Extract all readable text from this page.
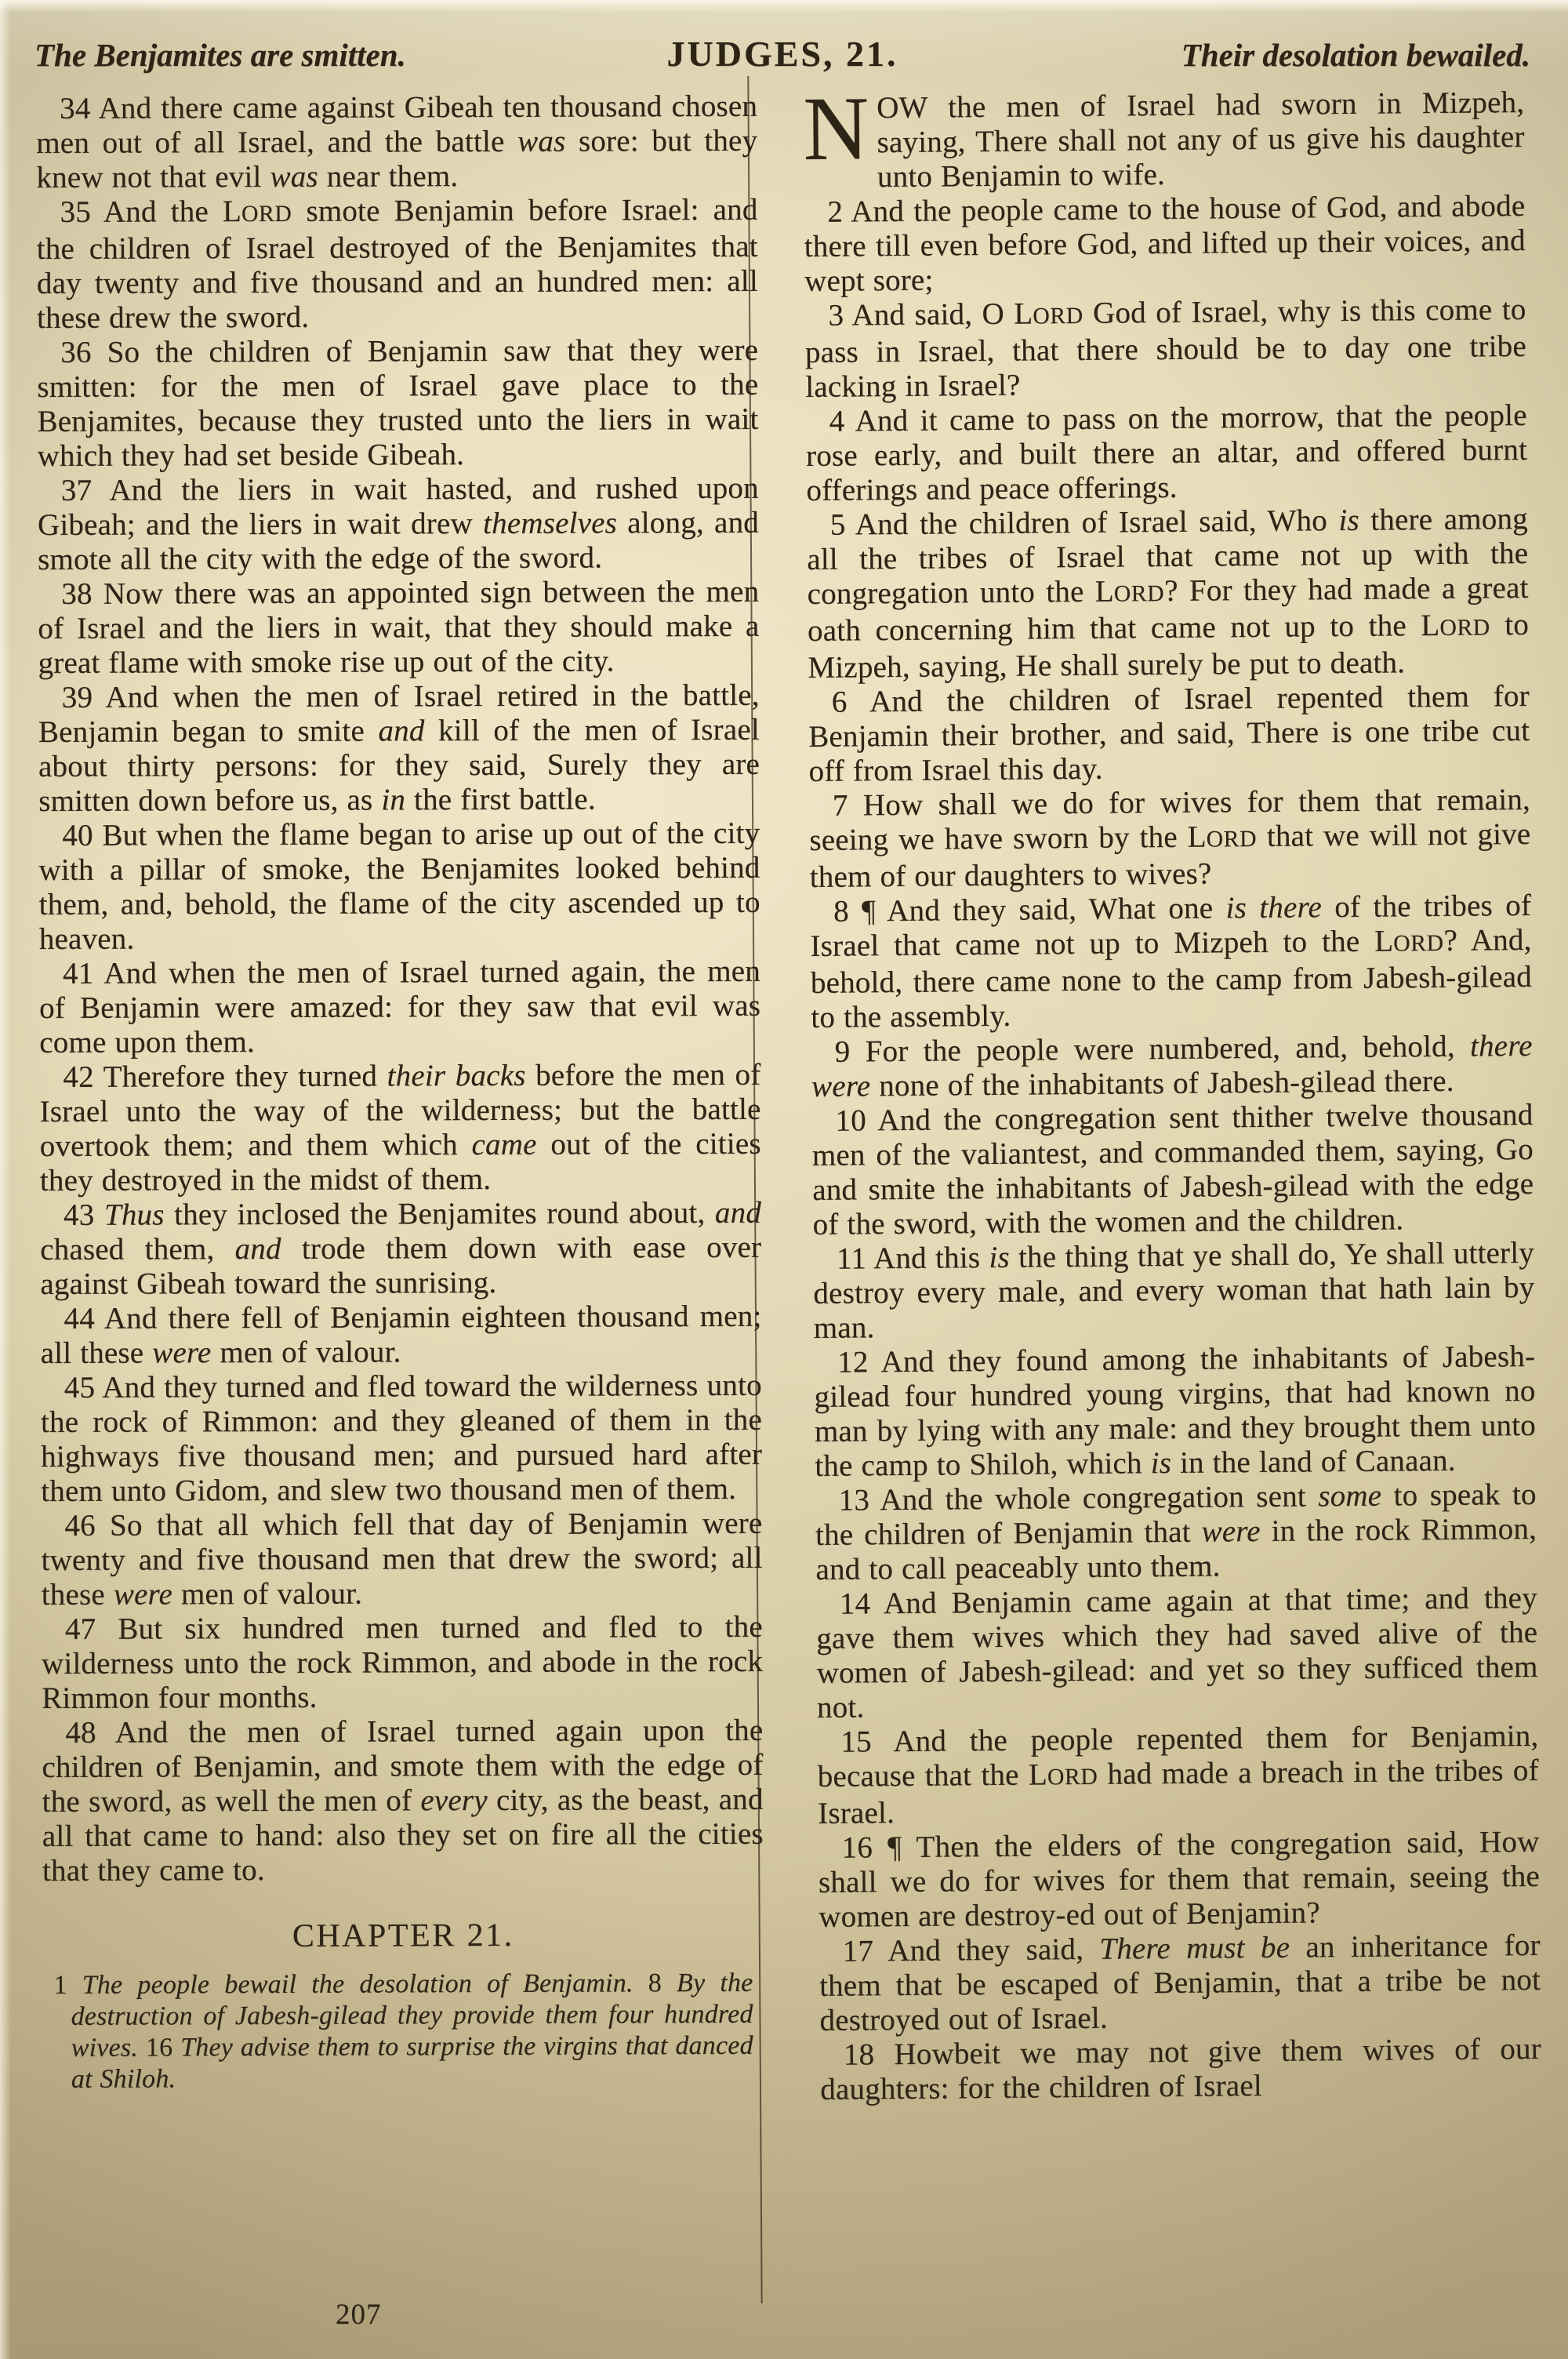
The Benjamites are smitten.	JUDGES, 21.	Their desolation bewailed.

34 And there came against Gibeah ten thousand chosen men out of all Israel, and the battle was sore: but they knew not that evil was near them.

35 And the LORD smote Benjamin before Israel: and the children of Israel destroyed of the Benjamites that day twenty and five thousand and an hundred men: all these drew the sword.

36 So the children of Benjamin saw that they were smitten: for the men of Israel gave place to the Benjamites, because they trusted unto the liers in wait which they had set beside Gibeah.

37 And the liers in wait hasted, and rushed upon Gibeah; and the liers in wait drew themselves along, and smote all the city with the edge of the sword.

38 Now there was an appointed sign between the men of Israel and the liers in wait, that they should make a great flame with smoke rise up out of the city.

39 And when the men of Israel retired in the battle, Benjamin began to smite and kill of the men of Israel about thirty persons: for they said, Surely they are smitten down before us, as in the first battle.

40 But when the flame began to arise up out of the city with a pillar of smoke, the Benjamites looked behind them, and, behold, the flame of the city ascended up to heaven.

41 And when the men of Israel turned again, the men of Benjamin were amazed: for they saw that evil was come upon them.

42 Therefore they turned their backs before the men of Israel unto the way of the wilderness; but the battle overtook them; and them which came out of the cities they destroyed in the midst of them.

43 Thus they inclosed the Benjamites round about, and chased them, and trode them down with ease over against Gibeah toward the sunrising.

44 And there fell of Benjamin eighteen thousand men; all these were men of valour.

45 And they turned and fled toward the wilderness unto the rock of Rimmon: and they gleaned of them in the highways five thousand men; and pursued hard after them unto Gidom, and slew two thousand men of them.

46 So that all which fell that day of Benjamin were twenty and five thousand men that drew the sword; all these were men of valour.

47 But six hundred men turned and fled to the wilderness unto the rock Rimmon, and abode in the rock Rimmon four months.

48 And the men of Israel turned again upon the children of Benjamin, and smote them with the edge of the sword, as well the men of every city, as the beast, and all that came to hand: also they set on fire all the cities that they came to.

CHAPTER 21.

1 The people bewail the desolation of Benjamin. 8 By the destruction of Jabesh-gilead they provide them four hundred wives. 16 They advise them to surprise the virgins that danced at Shiloh.

NOW the men of Israel had sworn in Mizpeh, saying, There shall not any of us give his daughter unto Benjamin to wife.

2 And the people came to the house of God, and abode there till even before God, and lifted up their voices, and wept sore;

3 And said, O LORD God of Israel, why is this come to pass in Israel, that there should be to day one tribe lacking in Israel?

4 And it came to pass on the morrow, that the people rose early, and built there an altar, and offered burnt offerings and peace offerings.

5 And the children of Israel said, Who is there among all the tribes of Israel that came not up with the congregation unto the LORD? For they had made a great oath concerning him that came not up to the LORD to Mizpeh, saying, He shall surely be put to death.

6 And the children of Israel repented them for Benjamin their brother, and said, There is one tribe cut off from Israel this day.

7 How shall we do for wives for them that remain, seeing we have sworn by the LORD that we will not give them of our daughters to wives?

8 ¶ And they said, What one is there of the tribes of Israel that came not up to Mizpeh to the LORD? And, behold, there came none to the camp from Jabesh-gilead to the assembly.

9 For the people were numbered, and, behold, there were none of the inhabitants of Jabesh-gilead there.

10 And the congregation sent thither twelve thousand men of the valiantest, and commanded them, saying, Go and smite the inhabitants of Jabesh-gilead with the edge of the sword, with the women and the children.

11 And this is the thing that ye shall do, Ye shall utterly destroy every male, and every woman that hath lain by man.

12 And they found among the inhabitants of Jabesh-gilead four hundred young virgins, that had known no man by lying with any male: and they brought them unto the camp to Shiloh, which is in the land of Canaan.

13 And the whole congregation sent some to speak to the children of Benjamin that were in the rock Rimmon, and to call peaceably unto them.

14 And Benjamin came again at that time; and they gave them wives which they had saved alive of the women of Jabesh-gilead: and yet so they sufficed them not.

15 And the people repented them for Benjamin, because that the LORD had made a breach in the tribes of Israel.

16 ¶ Then the elders of the congregation said, How shall we do for wives for them that remain, seeing the women are destroy-ed out of Benjamin?

17 And they said, There must be an inheritance for them that be escaped of Benjamin, that a tribe be not destroyed out of Israel.

18 Howbeit we may not give them wives of our daughters: for the children of Israel

207
